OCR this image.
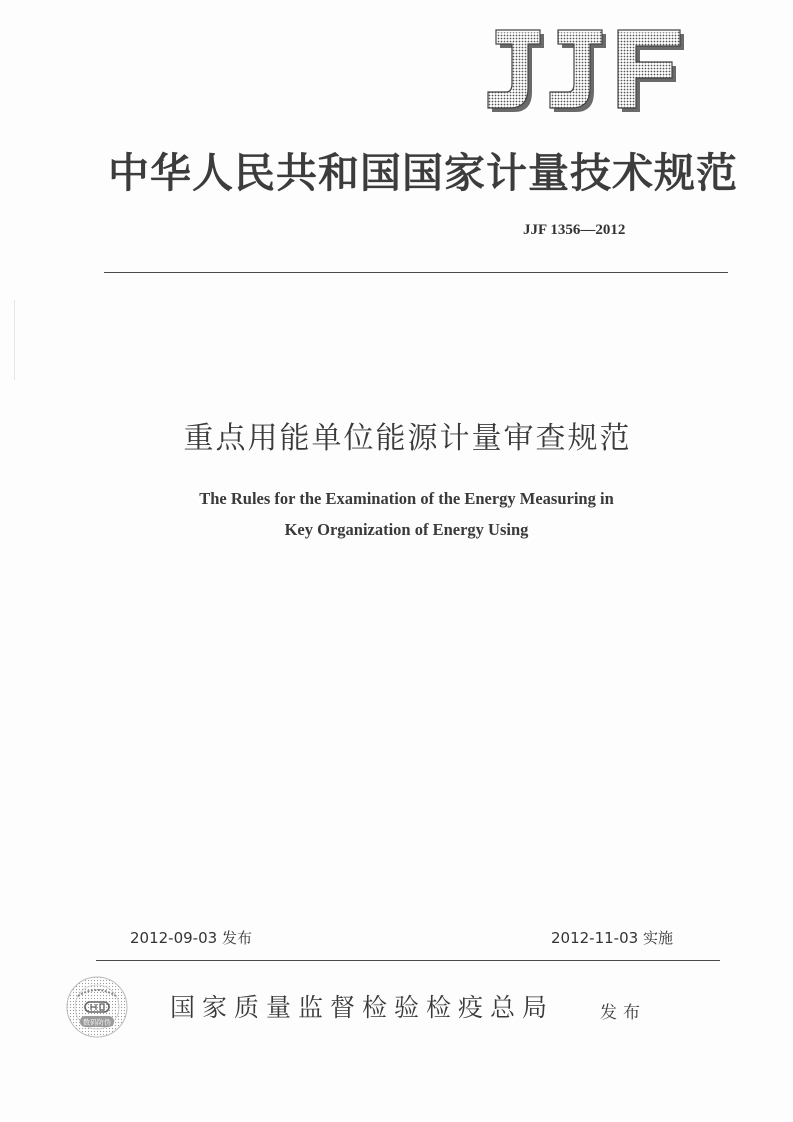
中华人民共和国国家计量技术规范
JJF 1356—2012
重点用能单位能源计量审查规范
The Rules for the Examination of the Energy Measuring in
Key Organization of Energy Using
2012-09-03 发布	2012-11-03 实施
数码防伪
国家质量监督检验检疫总局	发布
